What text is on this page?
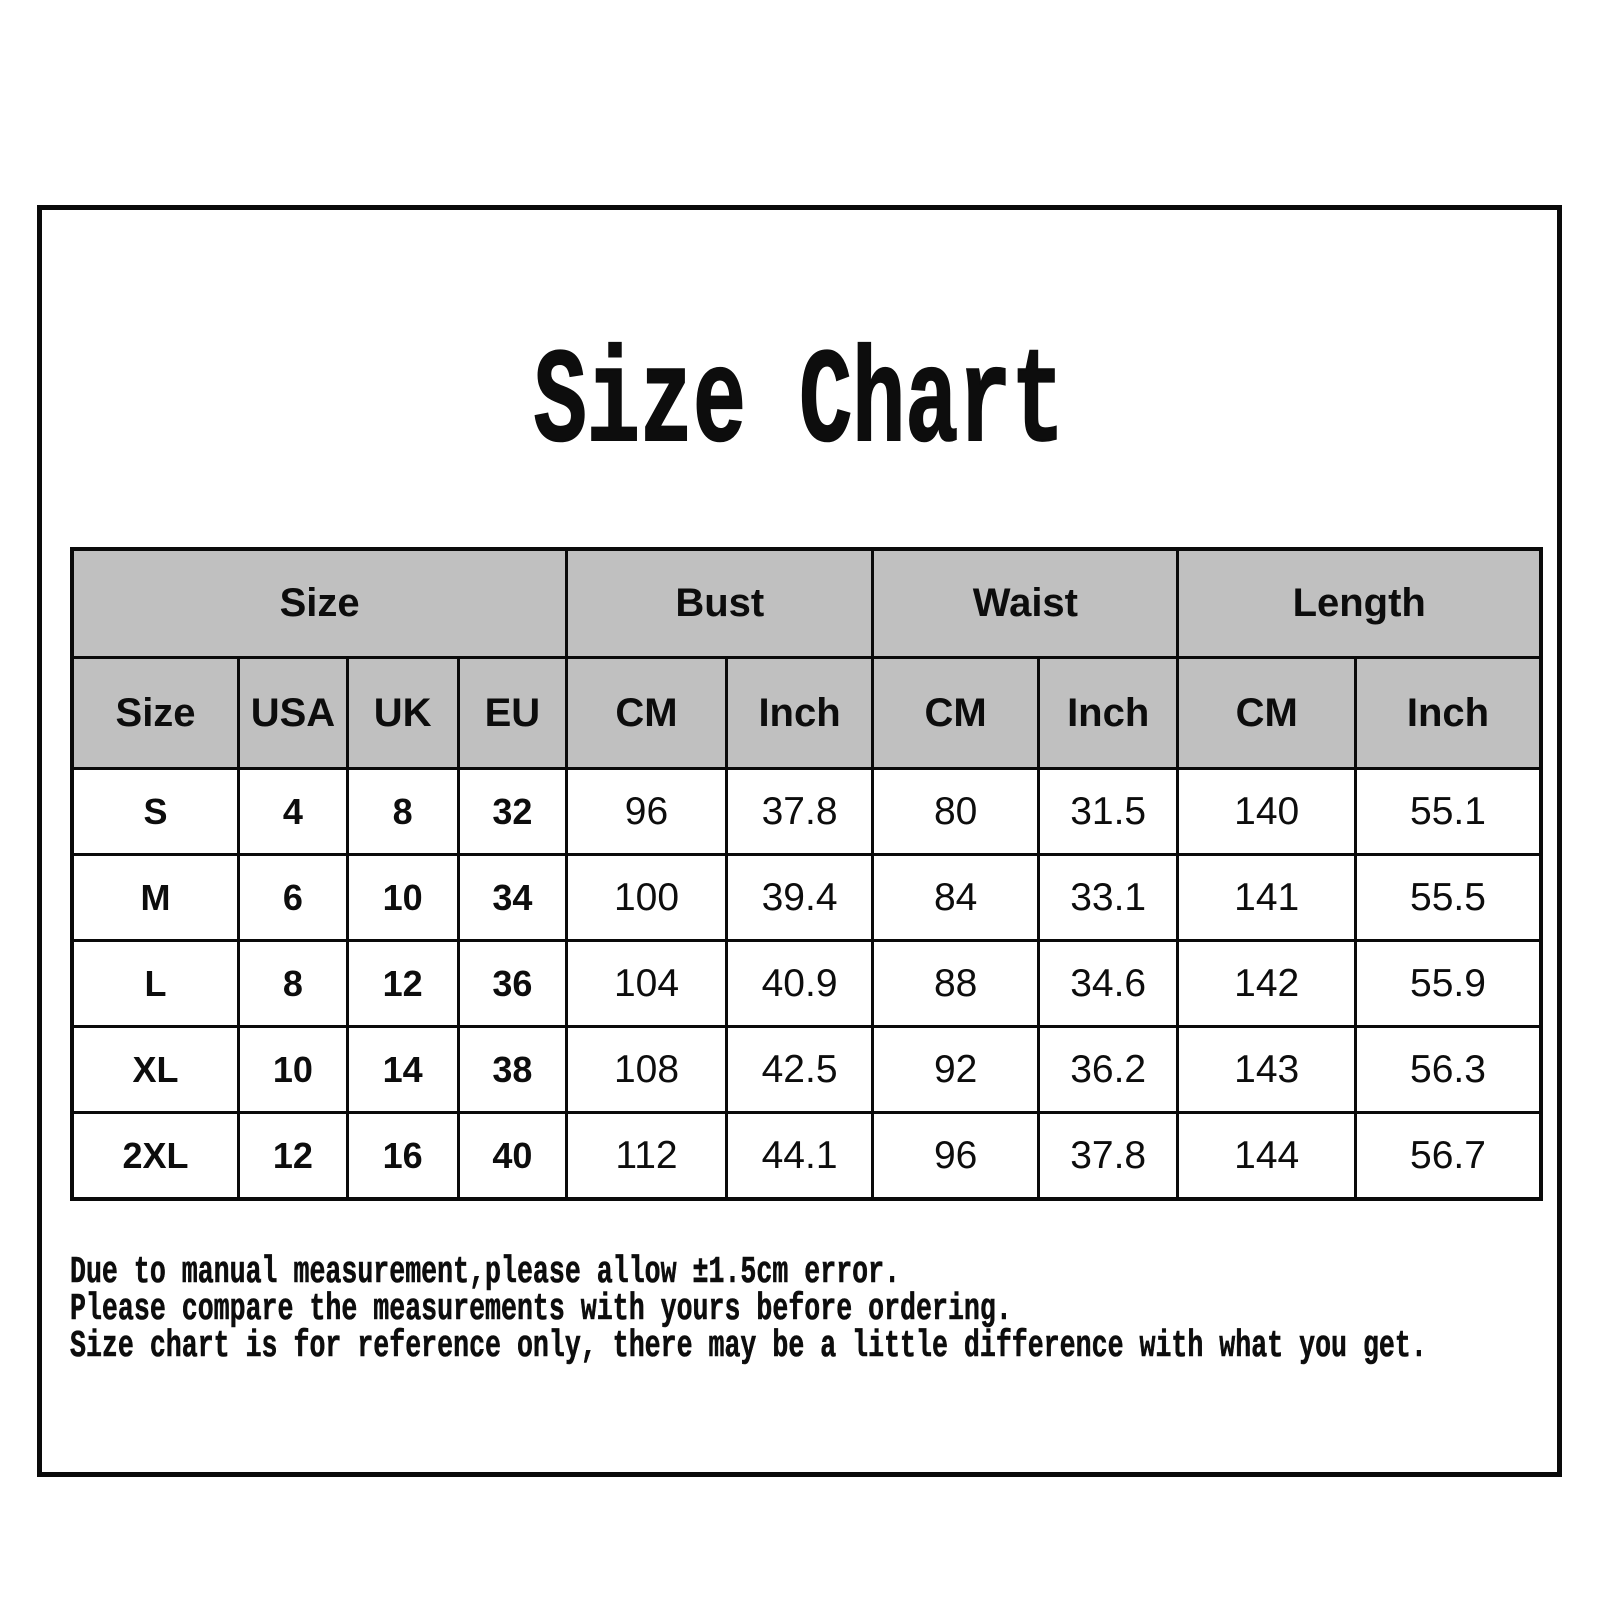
Size Chart
Size				Bust		Waist		Length	
Size	USA	UK	EU	CM	Inch	CM	Inch	CM	Inch
S	4	8	32	96	37.8	80	31.5	140	55.1
M	6	10	34	100	39.4	84	33.1	141	55.5
L	8	12	36	104	40.9	88	34.6	142	55.9
XL	10	14	38	108	42.5	92	36.2	143	56.3
2XL	12	16	40	112	44.1	96	37.8	144	56.7

Due to manual measurement,please allow ±1.5cm error.

Please compare the measurements with yours before ordering.

Size chart is for reference only, there may be a little difference with what you get.
